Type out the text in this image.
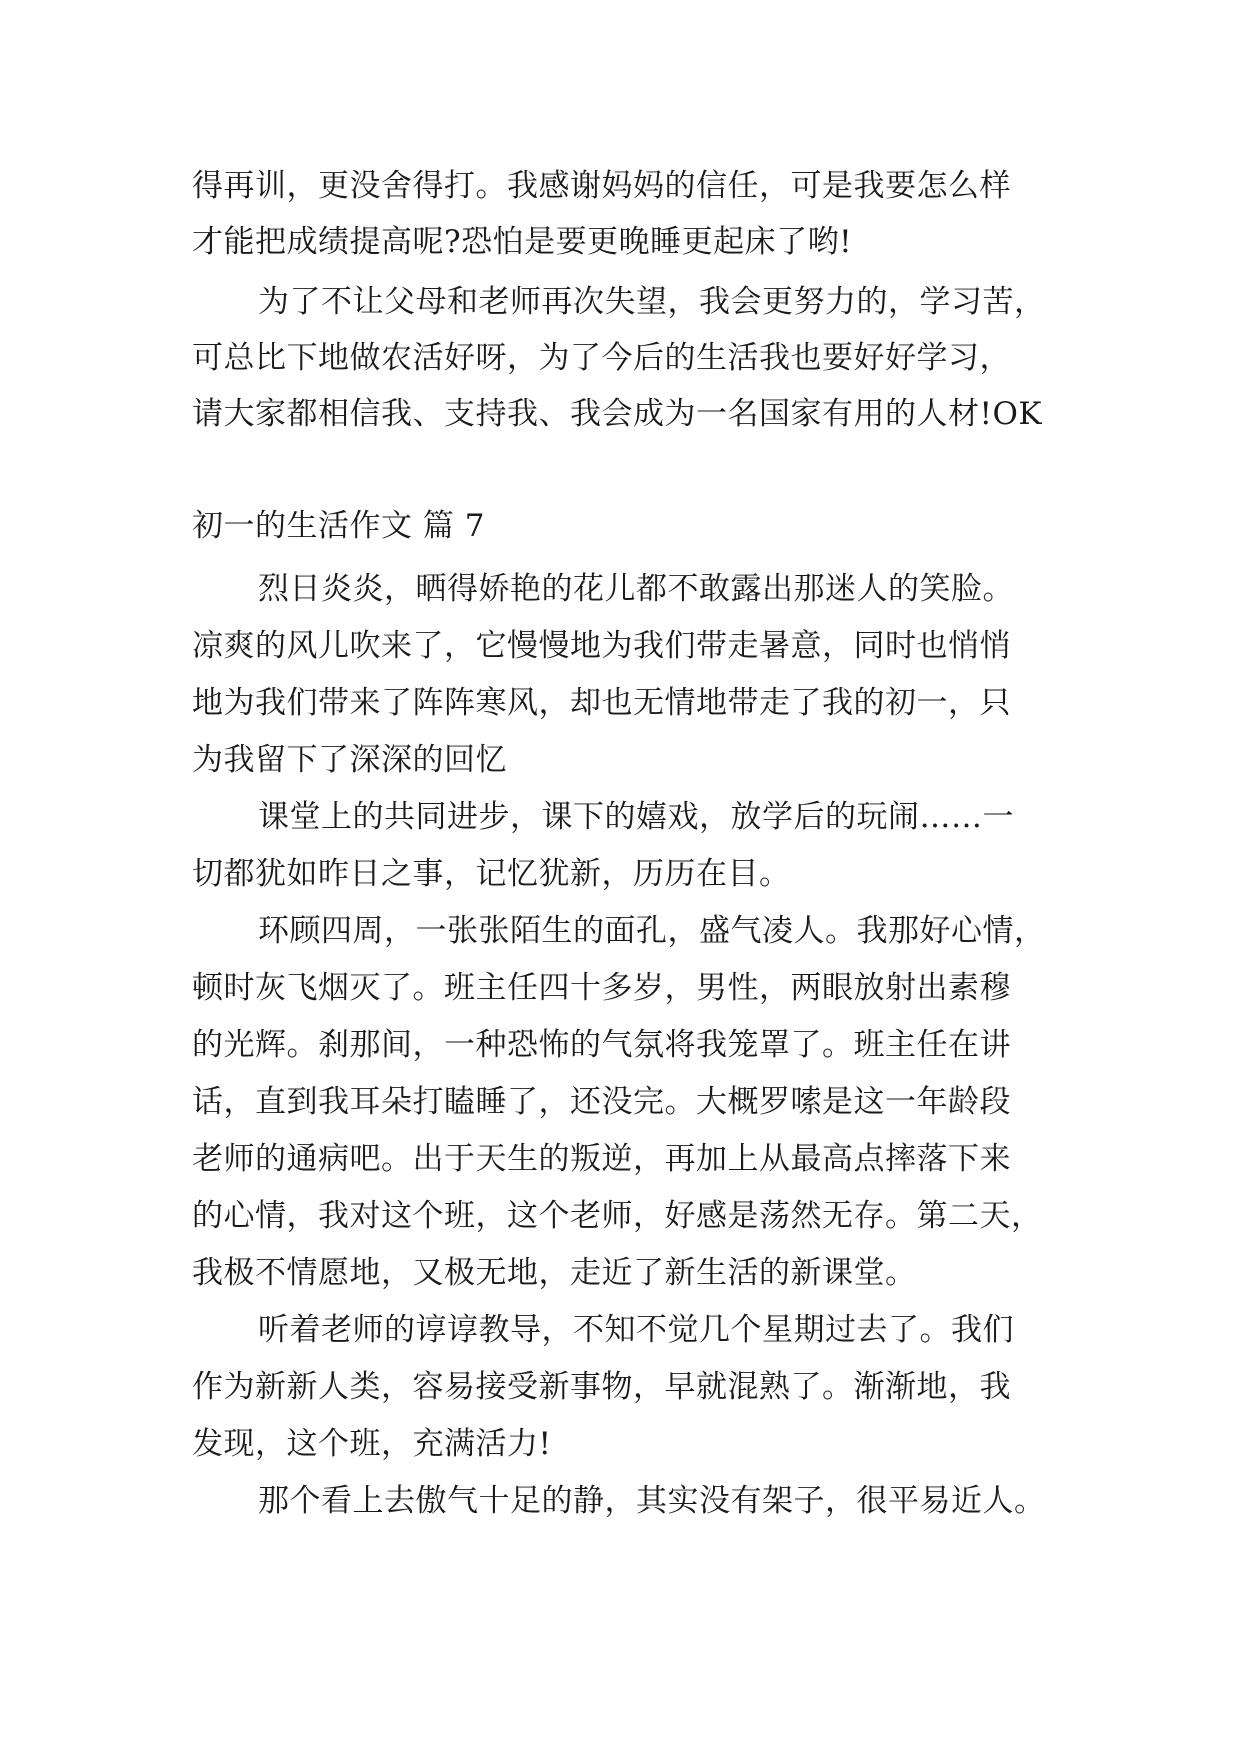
得再训，更没舍得打。我感谢妈妈的信任，可是我要怎么样
才能把成绩提高呢?恐怕是要更晚睡更起床了哟!
为了不让父母和老师再次失望，我会更努力的，学习苦，
可总比下地做农活好呀，为了今后的生活我也要好好学习，
请大家都相信我、支持我、我会成为一名国家有用的人材!OK
初一的生活作文 篇 7
烈日炎炎，晒得娇艳的花儿都不敢露出那迷人的笑脸。
凉爽的风儿吹来了，它慢慢地为我们带走暑意，同时也悄悄
地为我们带来了阵阵寒风，却也无情地带走了我的初一，只
为我留下了深深的回忆
课堂上的共同进步，课下的嬉戏，放学后的玩闹……一
切都犹如昨日之事，记忆犹新，历历在目。
环顾四周，一张张陌生的面孔，盛气凌人。我那好心情，
顿时灰飞烟灭了。班主任四十多岁，男性，两眼放射出素穆
的光辉。刹那间，一种恐怖的气氛将我笼罩了。班主任在讲
话，直到我耳朵打瞌睡了，还没完。大概罗嗦是这一年龄段
老师的通病吧。出于天生的叛逆，再加上从最高点摔落下来
的心情，我对这个班，这个老师，好感是荡然无存。第二天，
我极不情愿地，又极无地，走近了新生活的新课堂。
听着老师的谆谆教导，不知不觉几个星期过去了。我们
作为新新人类，容易接受新事物，早就混熟了。渐渐地，我
发现，这个班，充满活力!
那个看上去傲气十足的静，其实没有架子，很平易近人。
